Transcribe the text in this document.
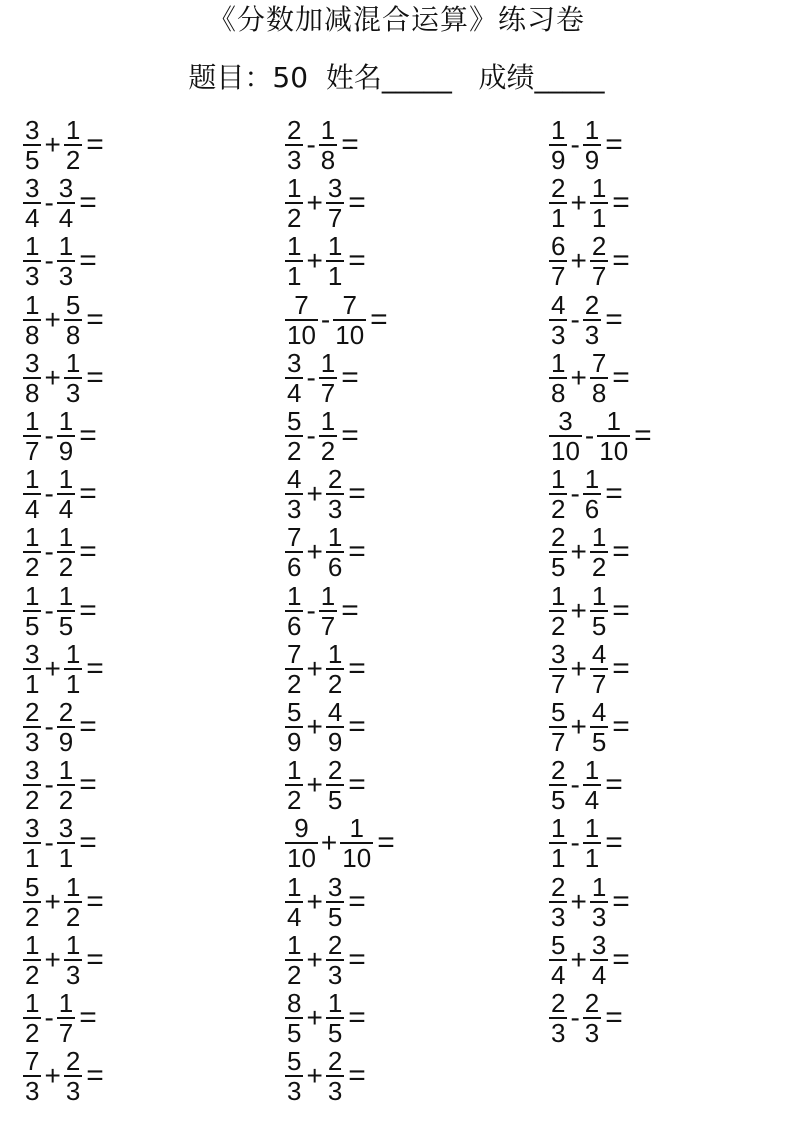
《分数加减混合运算》练习卷
题目：50  姓名_____   成绩_____
$\frac{3}{5} + \frac{1}{2}$ =
$\frac{3}{4} - \frac{3}{4}$ =
$\frac{1}{3} - \frac{1}{3}$ =
$\frac{1}{8} + \frac{5}{8}$ =
$\frac{3}{8} + \frac{1}{3}$ =
$\frac{1}{7} - \frac{1}{9}$ =
$\frac{1}{4} - \frac{1}{4}$ =
$\frac{1}{2} - \frac{1}{2}$ =
$\frac{1}{5} - \frac{1}{5}$ =
$\frac{3}{1} + \frac{1}{1}$ =
$\frac{2}{3} - \frac{2}{9}$ =
$\frac{3}{2} - \frac{1}{2}$ =
$\frac{3}{1} - \frac{3}{1}$ =
$\frac{5}{2} + \frac{1}{2}$ =
$\frac{1}{2} + \frac{1}{3}$ =
$\frac{1}{2} - \frac{1}{7}$ =
$\frac{7}{3} + \frac{2}{3}$ =
$\frac{2}{3} - \frac{1}{8}$ =
$\frac{1}{2} + \frac{3}{7}$ =
$\frac{1}{1} + \frac{1}{1}$ =
$\frac{7}{10} - \frac{7}{10}$ =
$\frac{3}{4} - \frac{1}{7}$ =
$\frac{5}{2} - \frac{1}{2}$ =
$\frac{4}{3} + \frac{2}{3}$ =
$\frac{7}{6} + \frac{1}{6}$ =
$\frac{1}{6} - \frac{1}{7}$ =
$\frac{7}{2} + \frac{1}{2}$ =
$\frac{5}{9} + \frac{4}{9}$ =
$\frac{1}{2} + \frac{2}{5}$ =
$\frac{9}{10} + \frac{1}{10}$ =
$\frac{1}{4} + \frac{3}{5}$ =
$\frac{1}{2} + \frac{2}{3}$ =
$\frac{8}{5} + \frac{1}{5}$ =
$\frac{5}{3} + \frac{2}{3}$ =
$\frac{1}{9} - \frac{1}{9}$ =
$\frac{2}{1} + \frac{1}{1}$ =
$\frac{6}{7} + \frac{2}{7}$ =
$\frac{4}{3} - \frac{2}{3}$ =
$\frac{1}{8} + \frac{7}{8}$ =
$\frac{3}{10} - \frac{1}{10}$ =
$\frac{1}{2} - \frac{1}{6}$ =
$\frac{2}{5} + \frac{1}{2}$ =
$\frac{1}{2} + \frac{1}{5}$ =
$\frac{3}{7} + \frac{4}{7}$ =
$\frac{5}{7} + \frac{4}{5}$ =
$\frac{2}{5} - \frac{1}{4}$ =
$\frac{1}{1} - \frac{1}{1}$ =
$\frac{2}{3} + \frac{1}{3}$ =
$\frac{5}{4} + \frac{3}{4}$ =
$\frac{2}{3} - \frac{2}{3}$ =
